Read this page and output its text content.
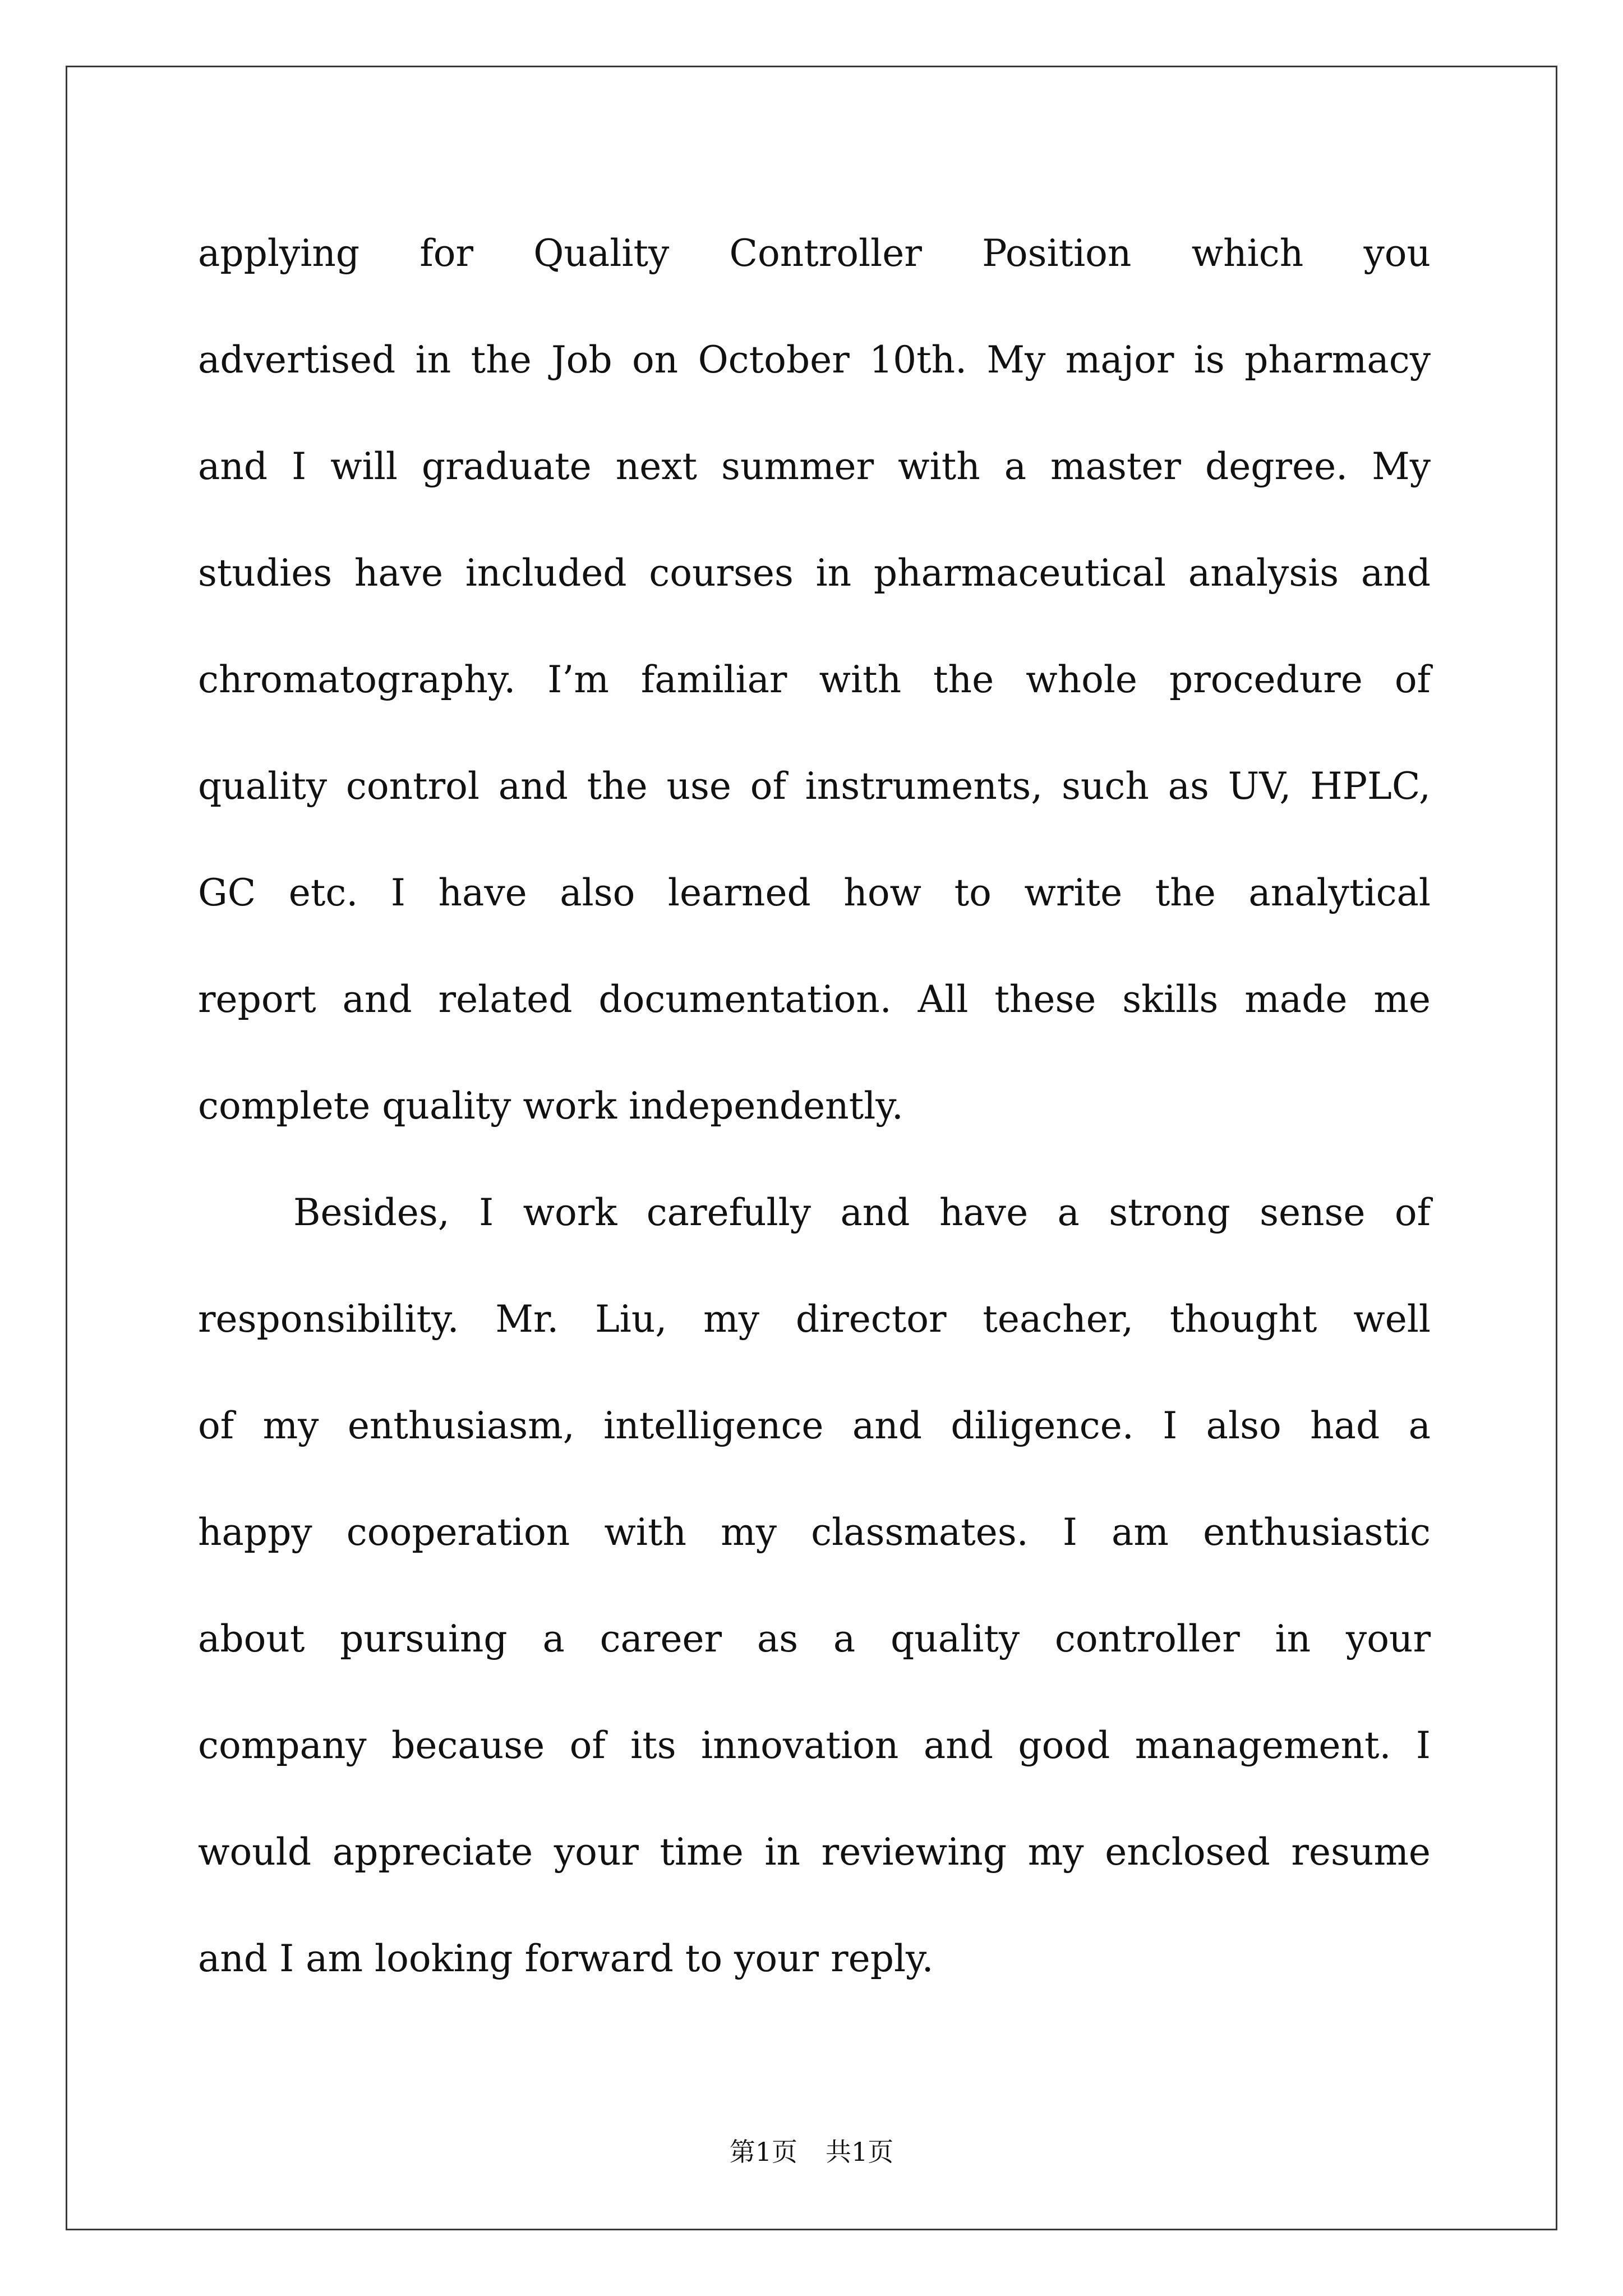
applying for Quality Controller Position which you
advertised in the Job on October 10th. My major is pharmacy
and I will graduate next summer with a master degree. My
studies have included courses in pharmaceutical analysis and
chromatography. I’m familiar with the whole procedure of
quality control and the use of instruments, such as UV, HPLC,
GC etc. I have also learned how to write the analytical
report and related documentation. All these skills made me
complete quality work independently.
Besides, I work carefully and have a strong sense of
responsibility. Mr. Liu, my director teacher, thought well
of my enthusiasm, intelligence and diligence. I also had a
happy cooperation with my classmates. I am enthusiastic
about pursuing a career as a quality controller in your
company because of its innovation and good management. I
would appreciate your time in reviewing my enclosed resume
and I am looking forward to your reply.
第1页 共1页
